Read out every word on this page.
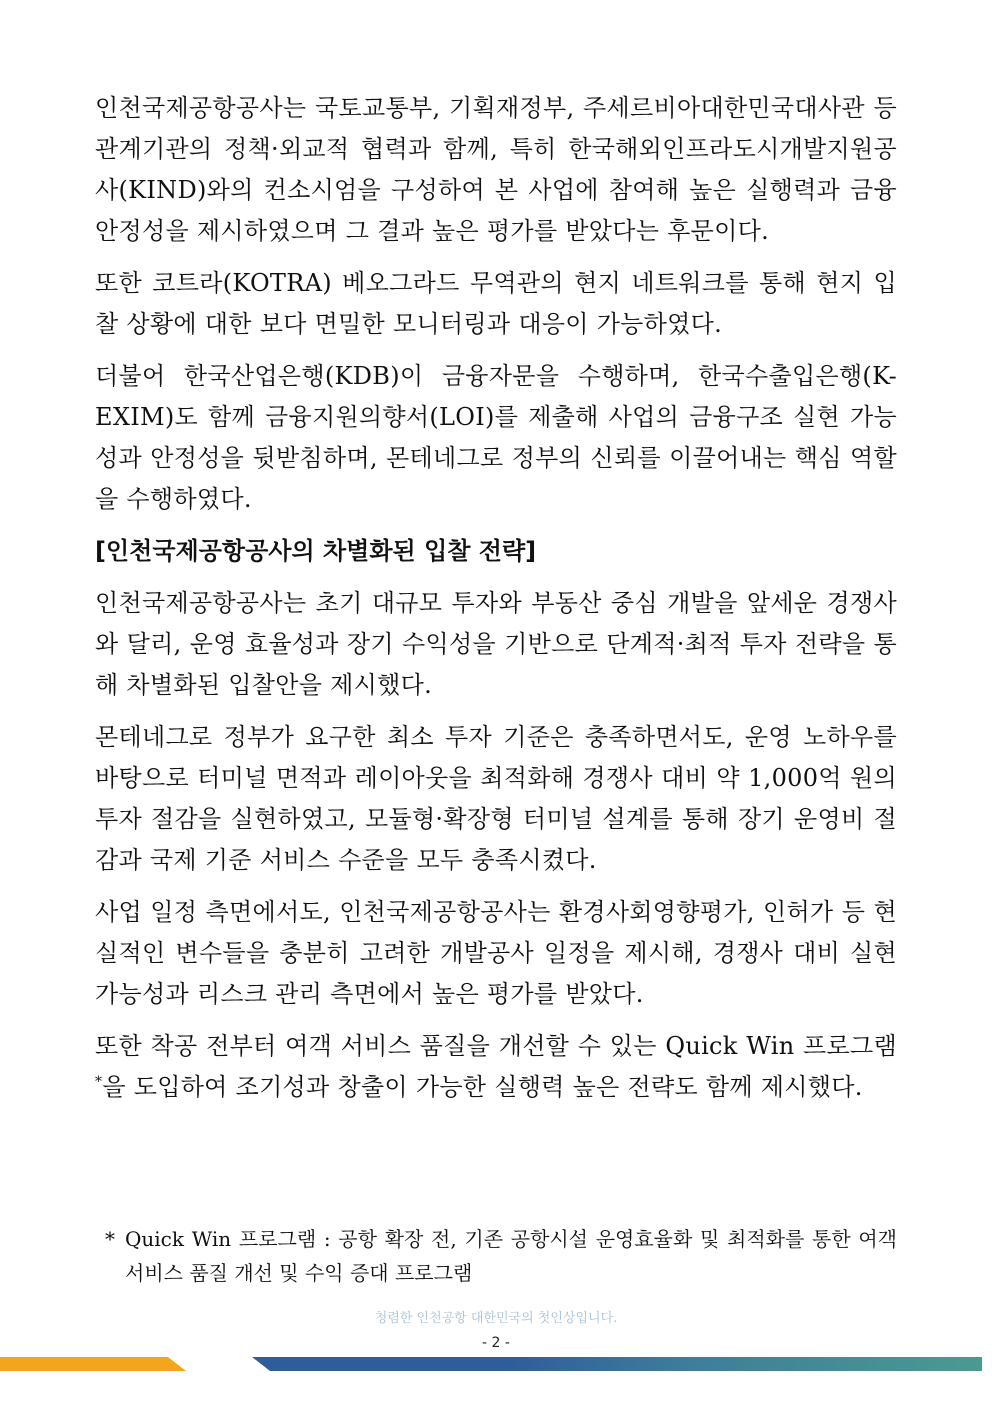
인천국제공항공사는 국토교통부, 기획재정부, 주세르비아대한민국대사관 등 관계기관의 정책·외교적 협력과 함께, 특히 한국해외인프라도시개발지원공사(KIND)와의 컨소시엄을 구성하여 본 사업에 참여해 높은 실행력과 금융 안정성을 제시하였으며 그 결과 높은 평가를 받았다는 후문이다.

또한 코트라(KOTRA) 베오그라드 무역관의 현지 네트워크를 통해 현지 입찰 상황에 대한 보다 면밀한 모니터링과 대응이 가능하였다.

더불어 한국산업은행(KDB)이 금융자문을 수행하며, 한국수출입은행(K-EXIM)도 함께 금융지원의향서(LOI)를 제출해 사업의 금융구조 실현 가능성과 안정성을 뒷받침하며, 몬테네그로 정부의 신뢰를 이끌어내는 핵심 역할을 수행하였다.

[인천국제공항공사의 차별화된 입찰 전략]

인천국제공항공사는 초기 대규모 투자와 부동산 중심 개발을 앞세운 경쟁사와 달리, 운영 효율성과 장기 수익성을 기반으로 단계적·최적 투자 전략을 통해 차별화된 입찰안을 제시했다.

몬테네그로 정부가 요구한 최소 투자 기준은 충족하면서도, 운영 노하우를 바탕으로 터미널 면적과 레이아웃을 최적화해 경쟁사 대비 약 1,000억 원의 투자 절감을 실현하였고, 모듈형·확장형 터미널 설계를 통해 장기 운영비 절감과 국제 기준 서비스 수준을 모두 충족시켰다.

사업 일정 측면에서도, 인천국제공항공사는 환경사회영향평가, 인허가 등 현실적인 변수들을 충분히 고려한 개발공사 일정을 제시해, 경쟁사 대비 실현 가능성과 리스크 관리 측면에서 높은 평가를 받았다.

또한 착공 전부터 여객 서비스 품질을 개선할 수 있는 Quick Win 프로그램*을 도입하여 조기성과 창출이 가능한 실행력 높은 전략도 함께 제시했다.

* Quick Win 프로그램 : 공항 확장 전, 기존 공항시설 운영효율화 및 최적화를 통한 여객 서비스 품질 개선 및 수익 증대 프로그램
청렴한 인천공항 대한민국의 첫인상입니다.
- 2 -
